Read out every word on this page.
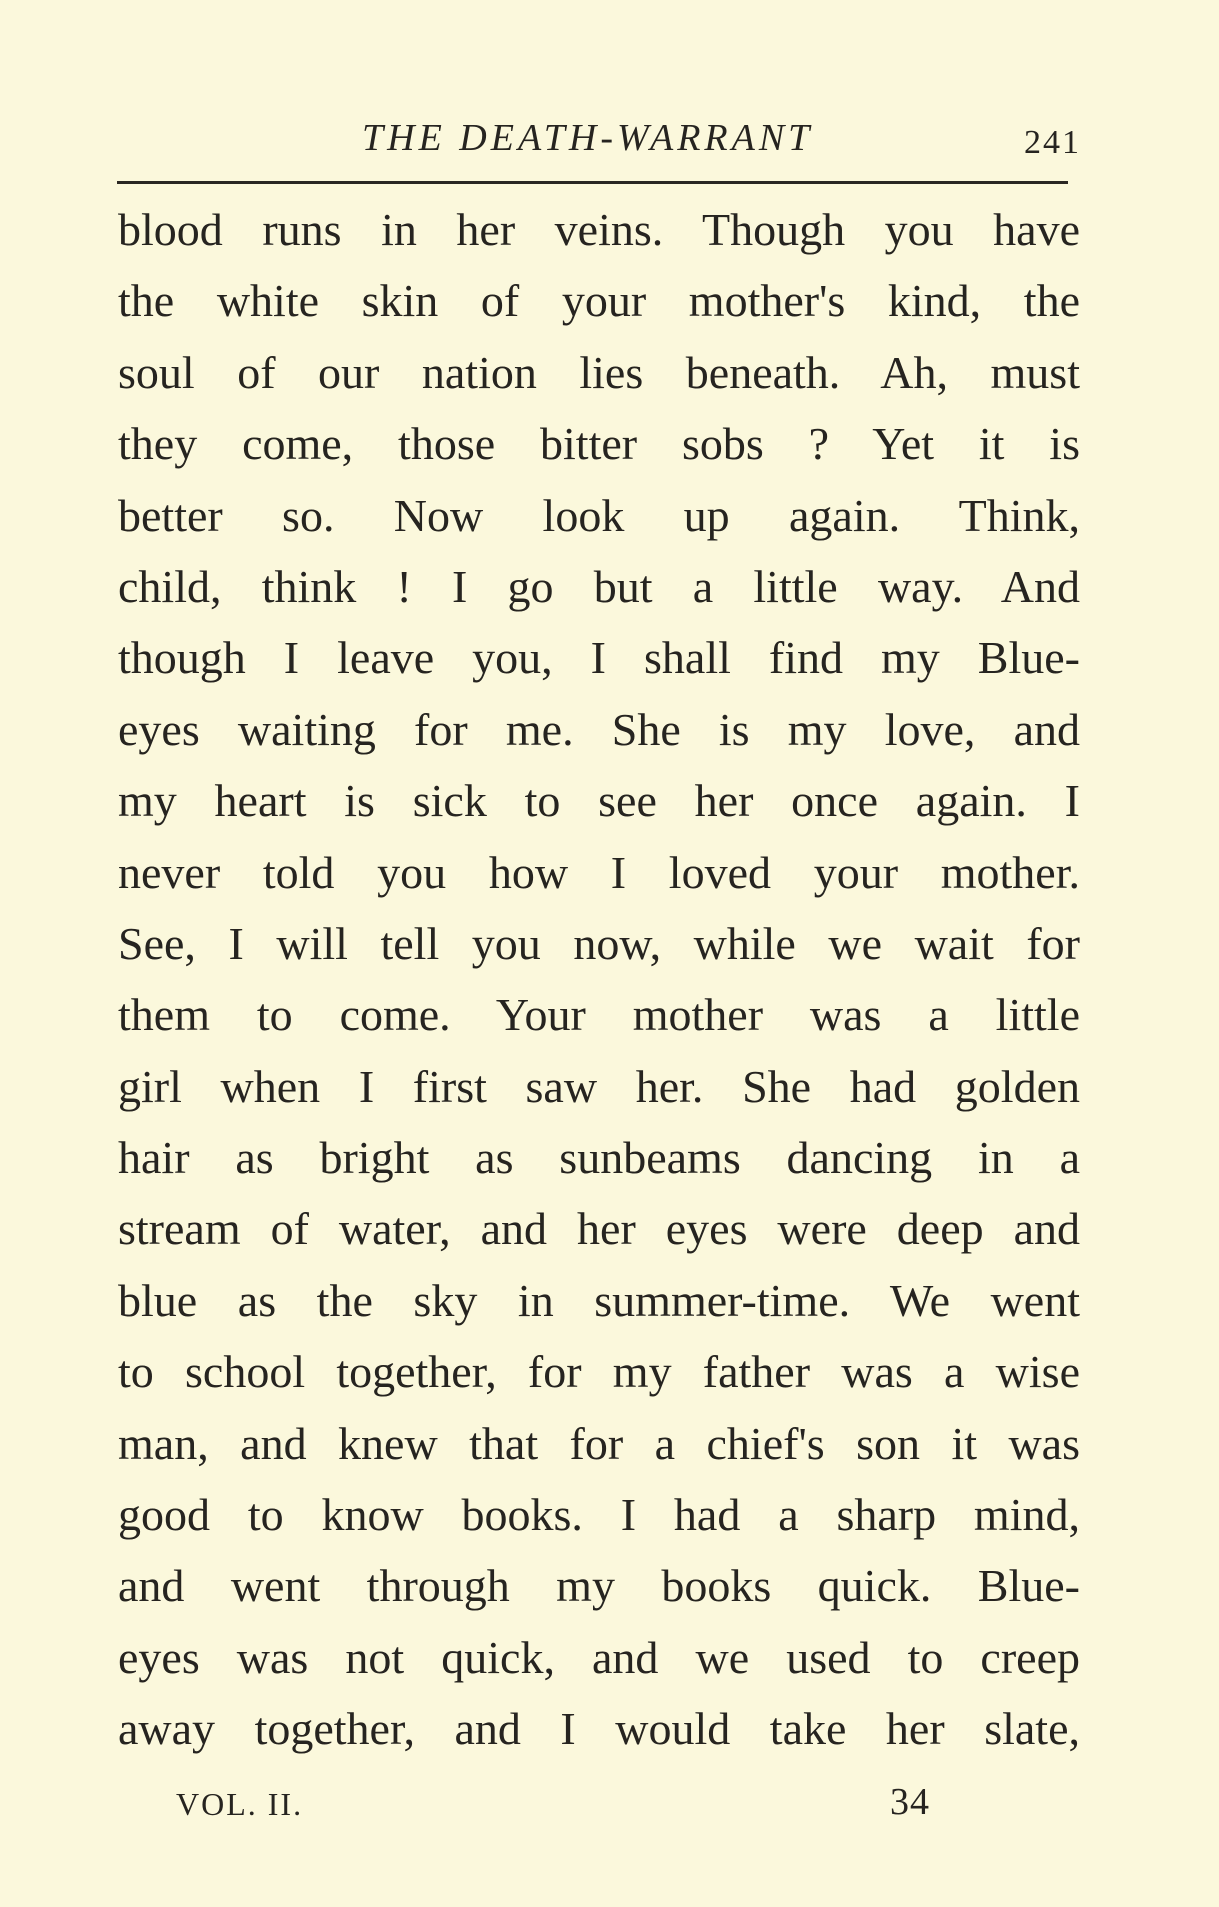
THE DEATH-WARRANT	241
blood runs in her veins. Though you have
the white skin of your mother's kind, the
soul of our nation lies beneath. Ah, must
they come, those bitter sobs ? Yet it is
better so. Now look up again. Think,
child, think ! I go but a little way. And
though I leave you, I shall find my Blue-
eyes waiting for me. She is my love, and
my heart is sick to see her once again. I
never told you how I loved your mother.
See, I will tell you now, while we wait for
them to come. Your mother was a little
girl when I first saw her. She had golden
hair as bright as sunbeams dancing in a
stream of water, and her eyes were deep and
blue as the sky in summer-time. We went
to school together, for my father was a wise
man, and knew that for a chief's son it was
good to know books. I had a sharp mind,
and went through my books quick. Blue-
eyes was not quick, and we used to creep
away together, and I would take her slate,
VOL. II.	34
